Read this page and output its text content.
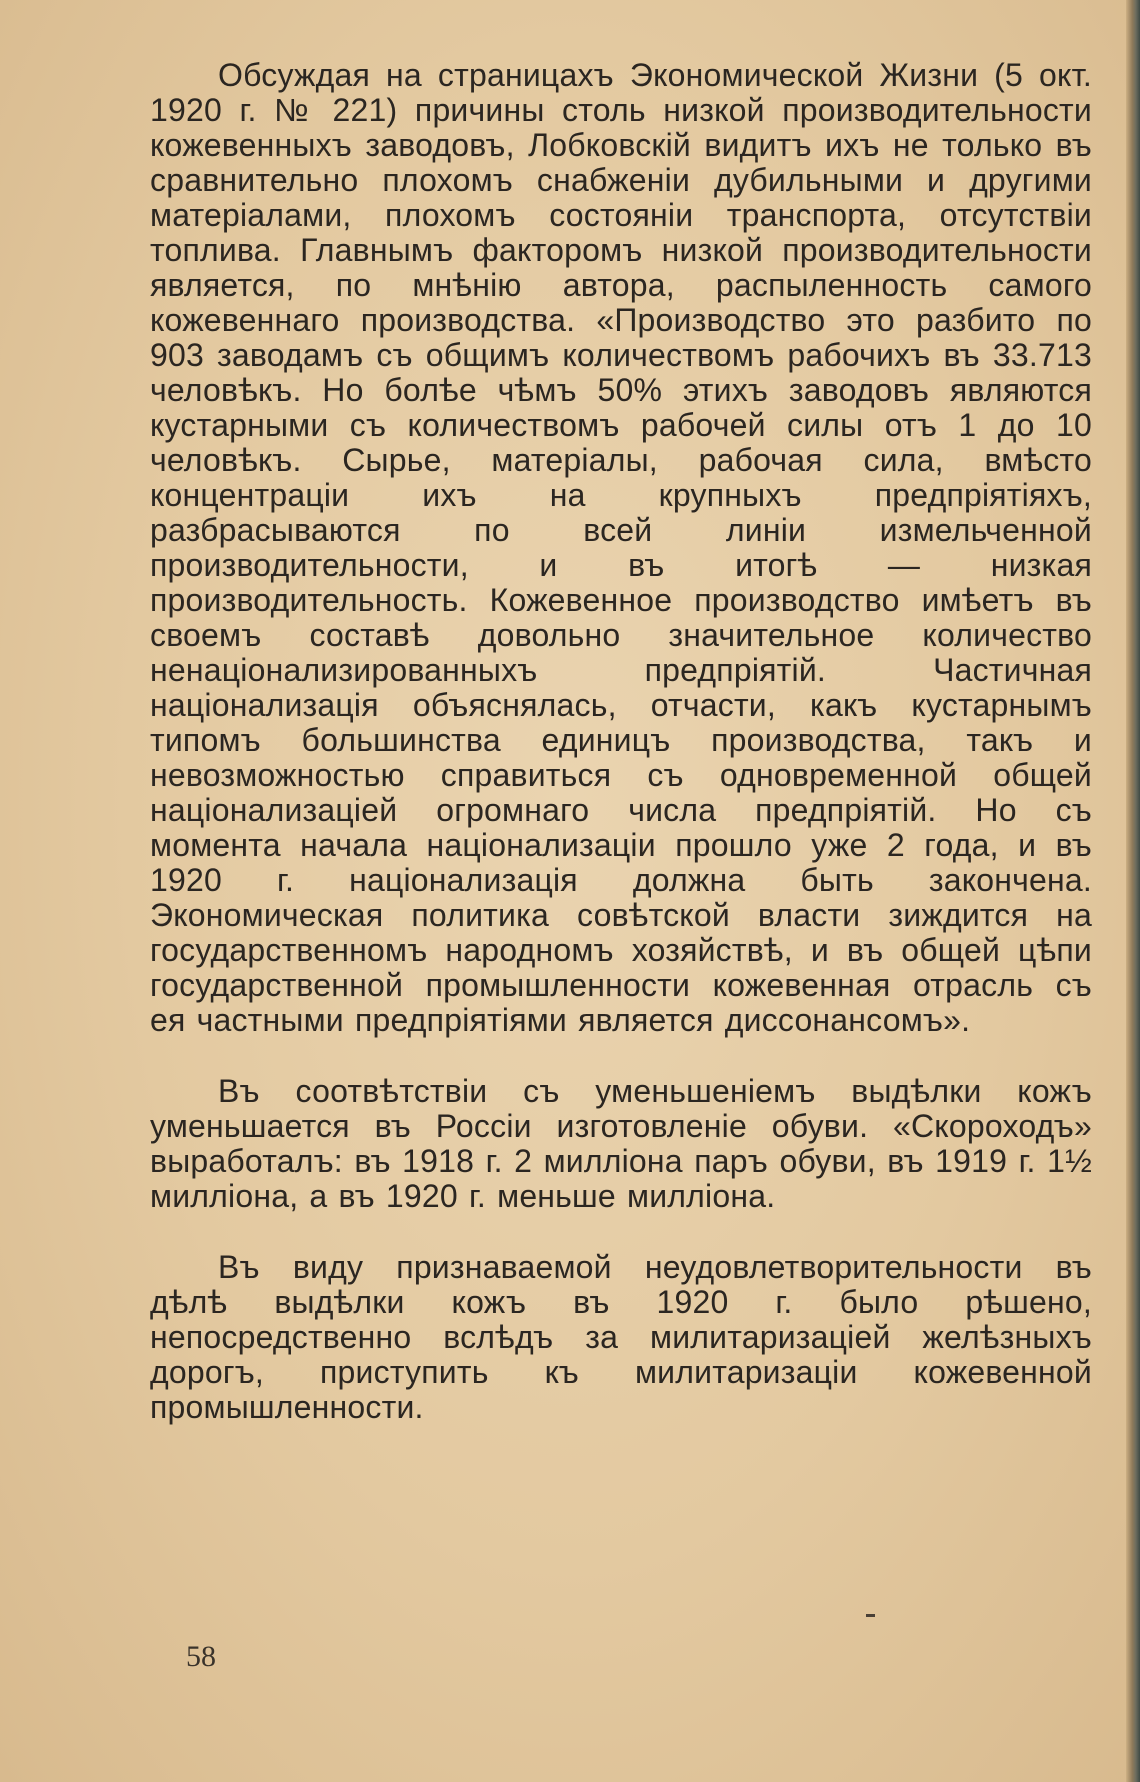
Обсуждая на страницахъ Экономической Жизни (5 окт. 1920 г. № 221) причины столь низкой производительности кожевенныхъ заводовъ, Лобковскій видитъ ихъ не только въ сравнительно плохомъ снабженіи дубильными и другими матеріалами, плохомъ состояніи транспорта, отсутствіи топлива. Главнымъ факторомъ низкой производительности является, по мнѣнію автора, распыленность самого кожевеннаго производства. «Производство это разбито по 903 заводамъ съ общимъ количествомъ рабочихъ въ 33.713 человѣкъ. Но болѣе чѣмъ 50% этихъ заводовъ являются кустарными съ количествомъ рабочей силы отъ 1 до 10 человѣкъ. Сырье, матеріалы, рабочая сила, вмѣсто концентраціи ихъ на крупныхъ предпріятіяхъ, разбрасываются по всей линіи измельченной производительности, и въ итогѣ — низкая производительность. Кожевенное производство имѣетъ въ своемъ составѣ довольно значительное количество ненаціонализированныхъ предпріятій. Частичная націонализація объяснялась, отчасти, какъ кустарнымъ типомъ большинства единицъ производства, такъ и невозможностью справиться съ одновременной общей націонализаціей огромнаго числа предпріятій. Но съ момента начала націонализаціи прошло уже 2 года, и въ 1920 г. націонализація должна быть закончена. Экономическая политика совѣтской власти зиждится на государственномъ народномъ хозяйствѣ, и въ общей цѣпи государственной промышленности кожевенная отрасль съ ея частными предпріятіями является диссонансомъ».

Въ соотвѣтствіи съ уменьшеніемъ выдѣлки кожъ уменьшается въ Россіи изготовленіе обуви. «Скороходъ» выработалъ: въ 1918 г. 2 милліона паръ обуви, въ 1919 г. 1½ милліона, а въ 1920 г. меньше милліона.

Въ виду признаваемой неудовлетворительности въ дѣлѣ выдѣлки кожъ въ 1920 г. было рѣшено, непосредственно вслѣдъ за милитаризаціей желѣзныхъ дорогъ, приступить къ милитаризаціи кожевенной промышленности.

58
